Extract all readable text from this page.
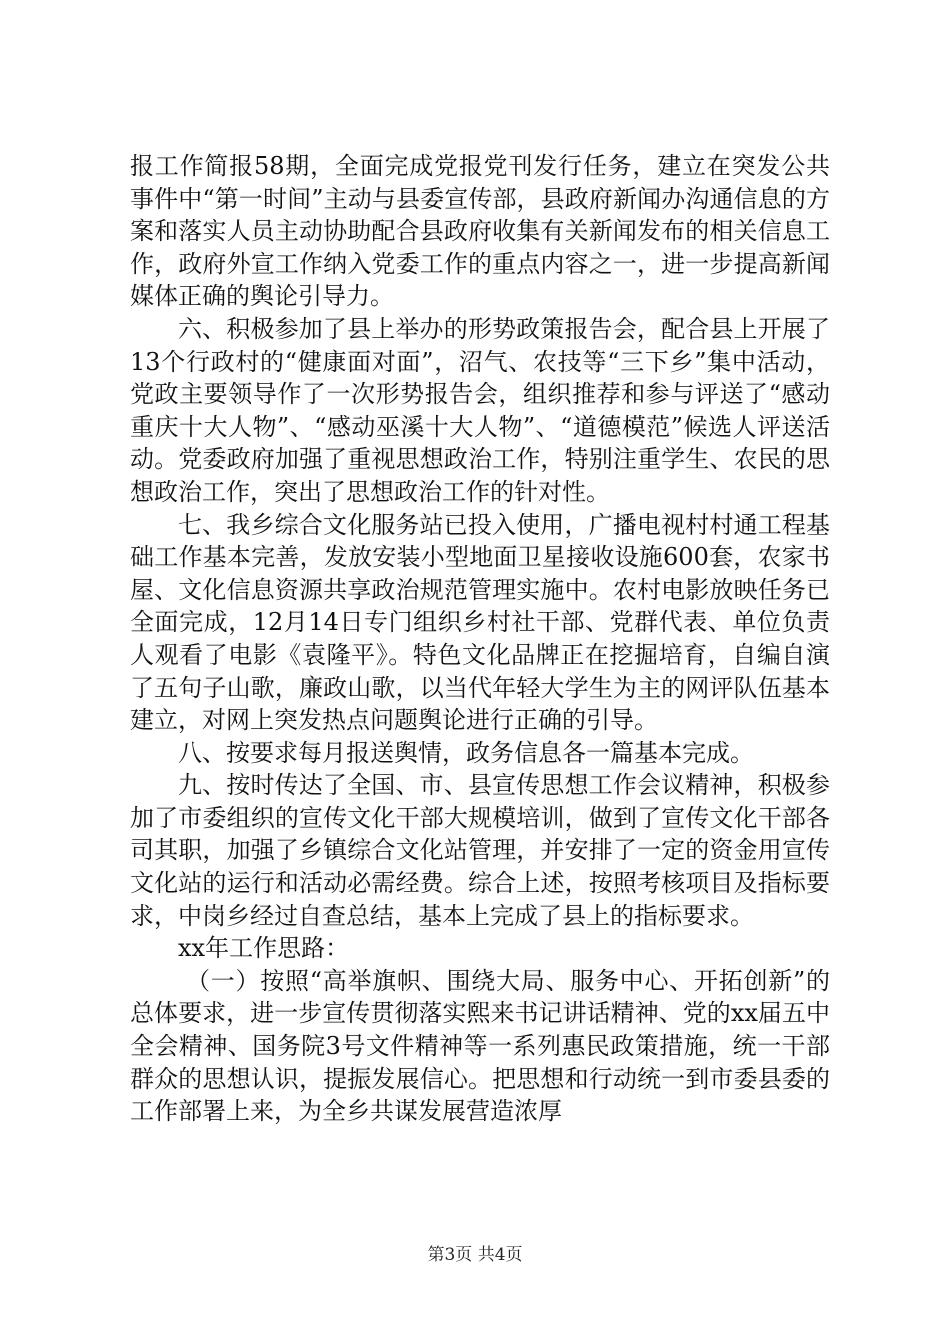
报工作简报58期，全面完成党报党刊发行任务，建立在突发公共事件中“第一时间”主动与县委宣传部，县政府新闻办沟通信息的方案和落实人员主动协助配合县政府收集有关新闻发布的相关信息工作，政府外宣工作纳入党委工作的重点内容之一，进一步提高新闻媒体正确的舆论引导力。

六、积极参加了县上举办的形势政策报告会，配合县上开展了13个行政村的“健康面对面”，沼气、农技等“三下乡”集中活动，党政主要领导作了一次形势报告会，组织推荐和参与评送了“感动重庆十大人物”、“感动巫溪十大人物”、“道德模范”候选人评送活动。党委政府加强了重视思想政治工作，特别注重学生、农民的思想政治工作，突出了思想政治工作的针对性。

七、我乡综合文化服务站已投入使用，广播电视村村通工程基础工作基本完善，发放安装小型地面卫星接收设施600套，农家书屋、文化信息资源共享政治规范管理实施中。农村电影放映任务已全面完成，12月14日专门组织乡村社干部、党群代表、单位负责人观看了电影《袁隆平》。特色文化品牌正在挖掘培育，自编自演了五句子山歌，廉政山歌，以当代年轻大学生为主的网评队伍基本建立，对网上突发热点问题舆论进行正确的引导。

八、按要求每月报送舆情，政务信息各一篇基本完成。

九、按时传达了全国、市、县宣传思想工作会议精神，积极参加了市委组织的宣传文化干部大规模培训，做到了宣传文化干部各司其职，加强了乡镇综合文化站管理，并安排了一定的资金用宣传文化站的运行和活动必需经费。综合上述，按照考核项目及指标要求，中岗乡经过自查总结，基本上完成了县上的指标要求。

xx年工作思路：

（一）按照“高举旗帜、围绕大局、服务中心、开拓创新”的总体要求，进一步宣传贯彻落实熙来书记讲话精神、党的xx届五中全会精神、国务院3号文件精神等一系列惠民政策措施，统一干部群众的思想认识，提振发展信心。把思想和行动统一到市委县委的工作部署上来，为全乡共谋发展营造浓厚

第3页 共4页
